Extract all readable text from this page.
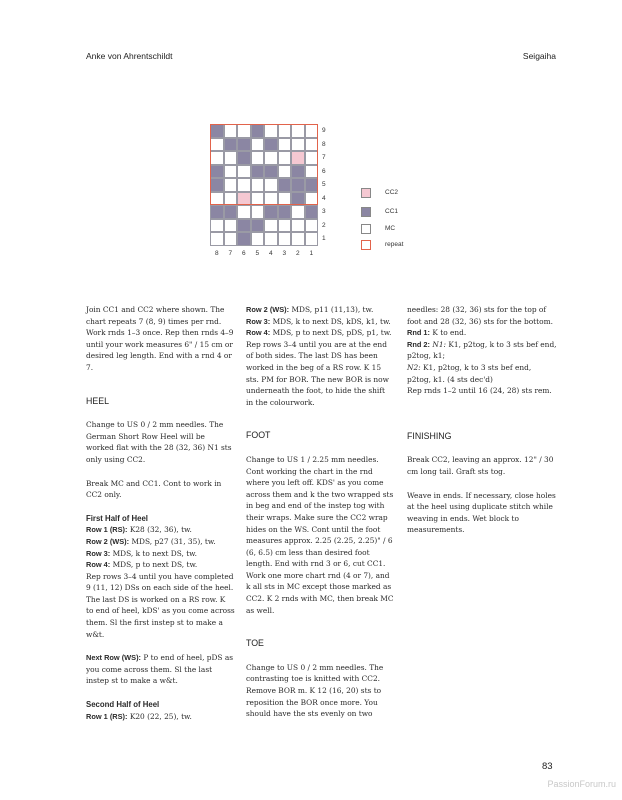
Anke von Ahrentschildt	Seigaiha
9
8
7
6
5
4
3
2
1
8	7	6	5	4	3	2	1
CC2
CC1
MC
repeat

Join CC1 and CC2 where shown. The chart repeats 7 (8, 9) times per rnd. Work rnds 1–3 once. Rep then rnds 4–9 until your work measures 6" / 15 cm or desired leg length. End with a rnd 4 or 7.

HEEL

Change to US 0 / 2 mm needles. The German Short Row Heel will be worked flat with the 28 (32, 36) N1 sts only using CC2.

Break MC and CC1. Cont to work in CC2 only.

First Half of Heel

Row 1 (RS): K28 (32, 36), tw.

Row 2 (WS): MDS, p27 (31, 35), tw.

Row 3: MDS, k to next DS, tw.

Row 4: MDS, p to next DS, tw.

Rep rows 3–4 until you have completed 9 (11, 12) DSs on each side of the heel. The last DS is worked on a RS row. K to end of heel, kDS' as you come across them. Sl the first instep st to make a w&t.

Next Row (WS): P to end of heel, pDS as you come across them. Sl the last instep st to make a w&t.

Second Half of Heel

Row 1 (RS): K20 (22, 25), tw.

Row 2 (WS): MDS, p11 (11,13), tw.

Row 3: MDS, k to next DS, kDS, k1, tw.

Row 4: MDS, p to next DS, pDS, p1, tw.

Rep rows 3–4 until you are at the end of both sides. The last DS has been worked in the beg of a RS row. K 15 sts. PM for BOR. The new BOR is now underneath the foot, to hide the shift in the colourwork.

FOOT

Change to US 1 / 2.25 mm needles. Cont working the chart in the rnd where you left off. KDS' as you come across them and k the two wrapped sts in beg and end of the instep tog with their wraps. Make sure the CC2 wrap hides on the WS. Cont until the foot measures approx. 2.25 (2.25, 2.25)" / 6 (6, 6.5) cm less than desired foot length. End with rnd 3 or 6, cut CC1. Work one more chart rnd (4 or 7), and k all sts in MC except those marked as CC2. K 2 rnds with MC, then break MC as well.

TOE

Change to US 0 / 2 mm needles. The contrasting toe is knitted with CC2. Remove BOR m. K 12 (16, 20) sts to reposition the BOR once more. You should have the sts evenly on two

needles: 28 (32, 36) sts for the top of foot and 28 (32, 36) sts for the bottom.

Rnd 1: K to end.

Rnd 2: N1: K1, p2tog, k to 3 sts bef end, p2tog, k1;

N2: K1, p2tog, k to 3 sts bef end, p2tog, k1. (4 sts dec'd)

Rep rnds 1–2 until 16 (24, 28) sts rem.

FINISHING

Break CC2, leaving an approx. 12" / 30 cm long tail. Graft sts tog.

Weave in ends. If necessary, close holes at the heel using duplicate stitch while weaving in ends. Wet block to measurements.

83
PassionForum.ru
